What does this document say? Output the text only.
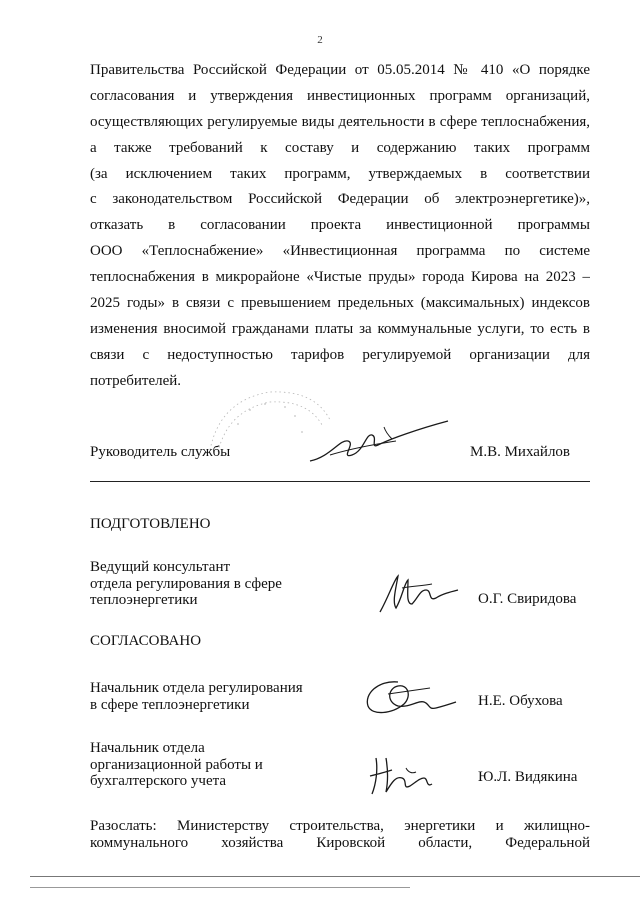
2
Правительства Российской Федерации от 05.05.2014 № 410 «О порядке
согласования и утверждения инвестиционных программ организаций,
осуществляющих регулируемые виды деятельности в сфере теплоснабжения,
а также требований к составу и содержанию таких программ
(за исключением таких программ, утверждаемых в соответствии
с законодательством Российской Федерации об электроэнергетике)»,
отказать в согласовании проекта инвестиционной программы
ООО «Теплоснабжение» «Инвестиционная программа по системе
теплоснабжения в микрорайоне «Чистые пруды» города Кирова на 2023 –
2025 годы» в связи с превышением предельных (максимальных) индексов
изменения вносимой гражданами платы за коммунальные услуги, то есть в
связи с недоступностью тарифов регулируемой организации для
потребителей.
Руководитель службы	М.В. Михайлов
ПОДГОТОВЛЕНО
Ведущий консультант
отдела регулирования в сфере
теплоэнергетики	О.Г. Свиридова
СОГЛАСОВАНО
Начальник отдела регулирования
в сфере теплоэнергетики	Н.Е. Обухова
Начальник отдела
организационной работы и
бухгалтерского учета	Ю.Л. Видякина
Разослать: Министерству строительства, энергетики и жилищно-
коммунального хозяйства Кировской области, Федеральной
